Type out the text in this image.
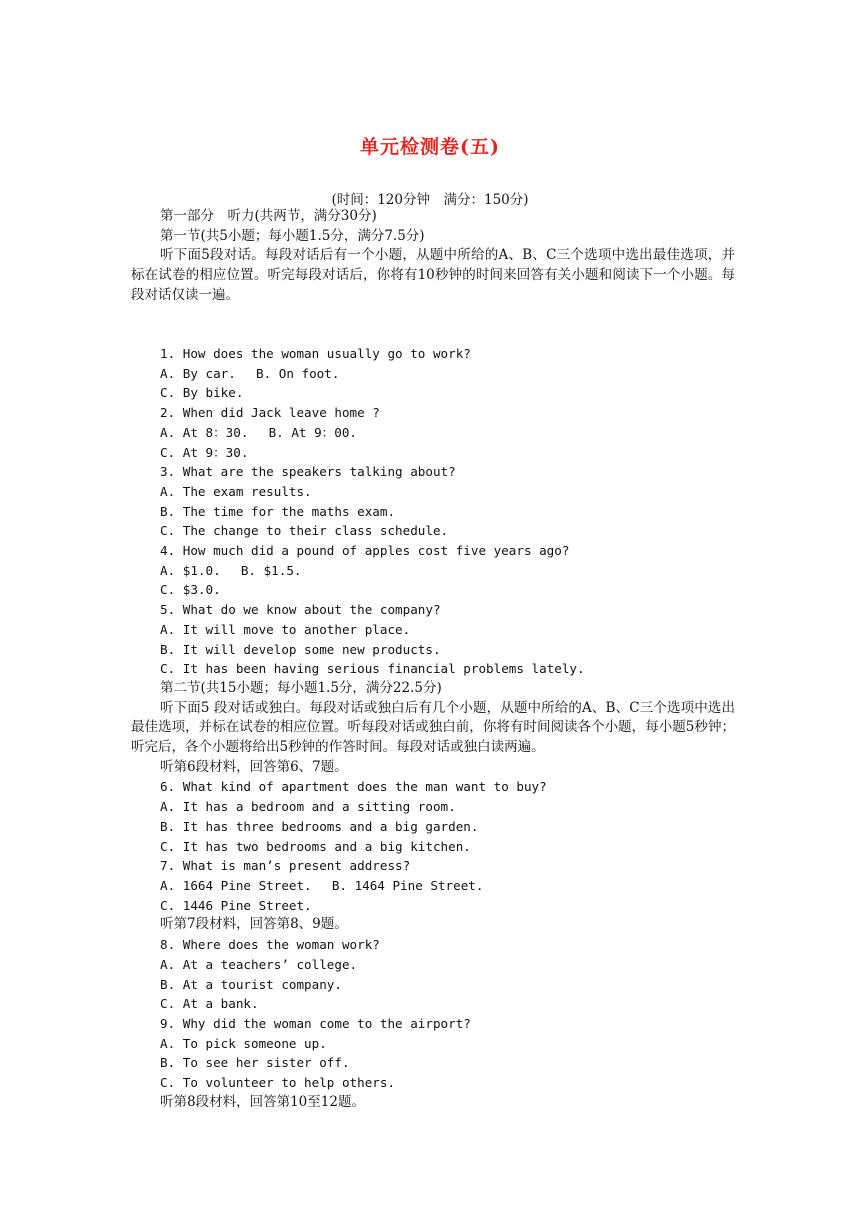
单元检测卷(五)
(时间：120分钟　满分：150分)
第一部分　听力(共两节，满分30分)
第一节(共5小题；每小题1.5分，满分7.5分)
听下面5段对话。每段对话后有一个小题，从题中所给的A、B、C三个选项中选出最佳选项，并标在试卷的相应位置。听完每段对话后，你将有10秒钟的时间来回答有关小题和阅读下一个小题。每段对话仅读一遍。
1. How does the woman usually go to work?
A. By car.　 B. On foot.
C. By bike.
2. When did Jack leave home ?
A. At 8：30.　 B. At 9：00.
C. At 9：30.
3. What are the speakers talking about?
A. The exam results.
B. The time for the maths exam.
C. The change to their class schedule.
4. How much did a pound of apples cost five years ago?
A. $1.0.　 B. $1.5.
C. $3.0.
5. What do we know about the company?
A. It will move to another place.
B. It will develop some new products.
C. It has been having serious financial problems lately.
第二节(共15小题；每小题1.5分，满分22.5分)
听下面5 段对话或独白。每段对话或独白后有几个小题，从题中所给的A、B、C三个选项中选出最佳选项，并标在试卷的相应位置。听每段对话或独白前，你将有时间阅读各个小题，每小题5秒钟；听完后，各个小题将给出5秒钟的作答时间。每段对话或独白读两遍。
听第6段材料，回答第6、7题。
6. What kind of apartment does the man want to buy?
A. It has a bedroom and a sitting room.
B. It has three bedrooms and a big garden.
C. It has two bedrooms and a big kitchen.
7. What is man’s present address?
A. 1664 Pine Street.　 B. 1464 Pine Street.
C. 1446 Pine Street.
听第7段材料，回答第8、9题。
8. Where does the woman work?
A. At a teachers’ college.
B. At a tourist company.
C. At a bank.
9. Why did the woman come to the airport?
A. To pick someone up.
B. To see her sister off.
C. To volunteer to help others.
听第8段材料，回答第10至12题。
